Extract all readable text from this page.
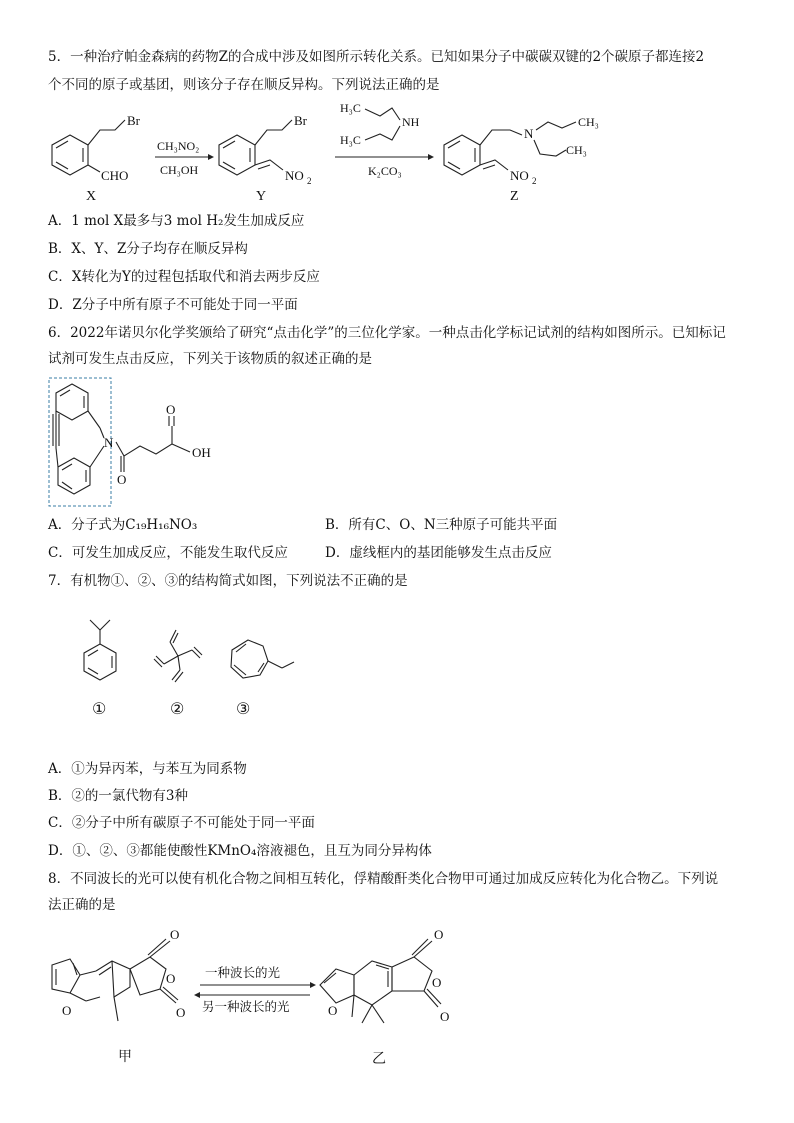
5．一种治疗帕金森病的药物Z的合成中涉及如图所示转化关系。已知如果分子中碳碳双键的2个碳原子都连接2
个不同的原子或基团，则该分子存在顺反异构。下列说法正确的是
Br
CHO
X
CH₃NO₂
CH₃OH
Br
NO 2
Y
H₃C
H₃C
NH
K₂CO₃
N
CH₃
CH₃
NO 2
Z
A．1 mol X最多与3 mol H₂发生加成反应
B．X、Y、Z分子均存在顺反异构
C．X转化为Y的过程包括取代和消去两步反应
D．Z分子中所有原子不可能处于同一平面
6．2022年诺贝尔化学奖颁给了研究“点击化学”的三位化学家。一种点击化学标记试剂的结构如图所示。已知标记
试剂可发生点击反应，下列关于该物质的叙述正确的是
N
O
O
OH
A．分子式为C₁₉H₁₆NO₃	B．所有C、O、N三种原子可能共平面
C．可发生加成反应，不能发生取代反应	D．虚线框内的基团能够发生点击反应
7．有机物①、②、③的结构简式如图，下列说法不正确的是
①	②	③
A．①为异丙苯，与苯互为同系物
B．②的一氯代物有3种
C．②分子中所有碳原子不可能处于同一平面
D．①、②、③都能使酸性KMnO₄溶液褪色，且互为同分异构体
8．不同波长的光可以使有机化合物之间相互转化，俘精酸酐类化合物甲可通过加成反应转化为化合物乙。下列说
法正确的是
O
O
O
O
甲
一种波长的光
另一种波长的光
O
O
O
O
乙
